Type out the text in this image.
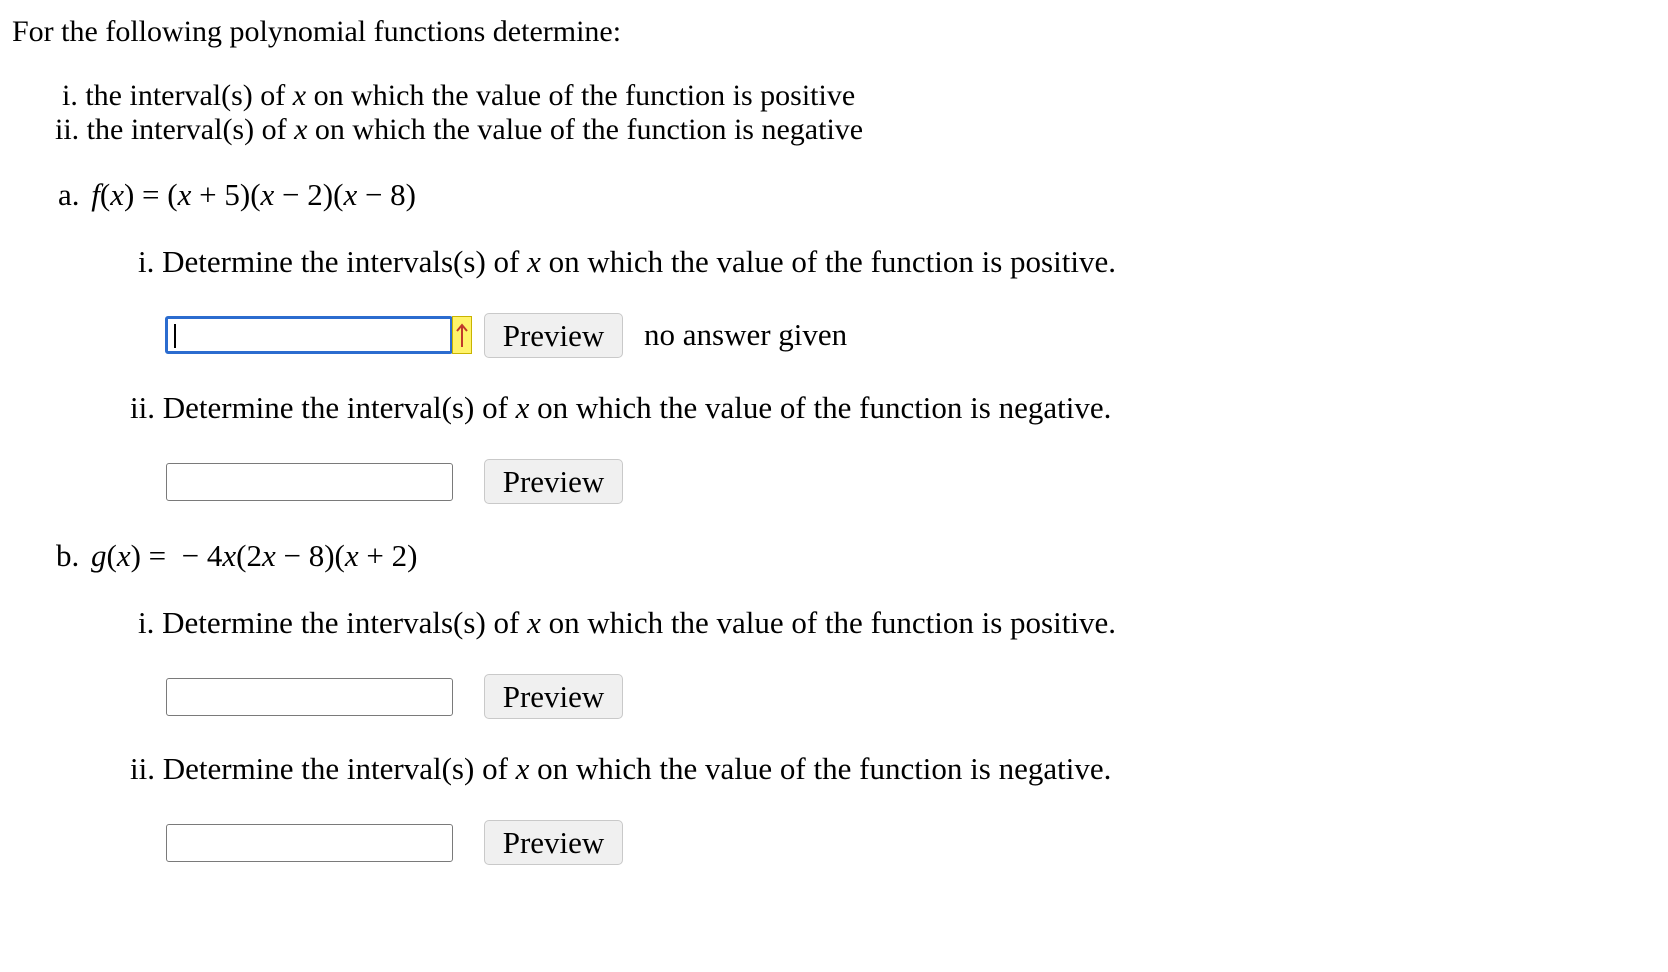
For the following polynomial functions determine:
i. the interval(s) of x on which the value of the function is positive
ii. the interval(s) of x on which the value of the function is negative
a. f(x) = (x + 5)(x − 2)(x − 8)
i. Determine the intervals(s) of x on which the value of the function is positive.
Preview no answer given
ii. Determine the interval(s) of x on which the value of the function is negative.
Preview
b. g(x) =  − 4x(2x − 8)(x + 2)
i. Determine the intervals(s) of x on which the value of the function is positive.
Preview
ii. Determine the interval(s) of x on which the value of the function is negative.
Preview
